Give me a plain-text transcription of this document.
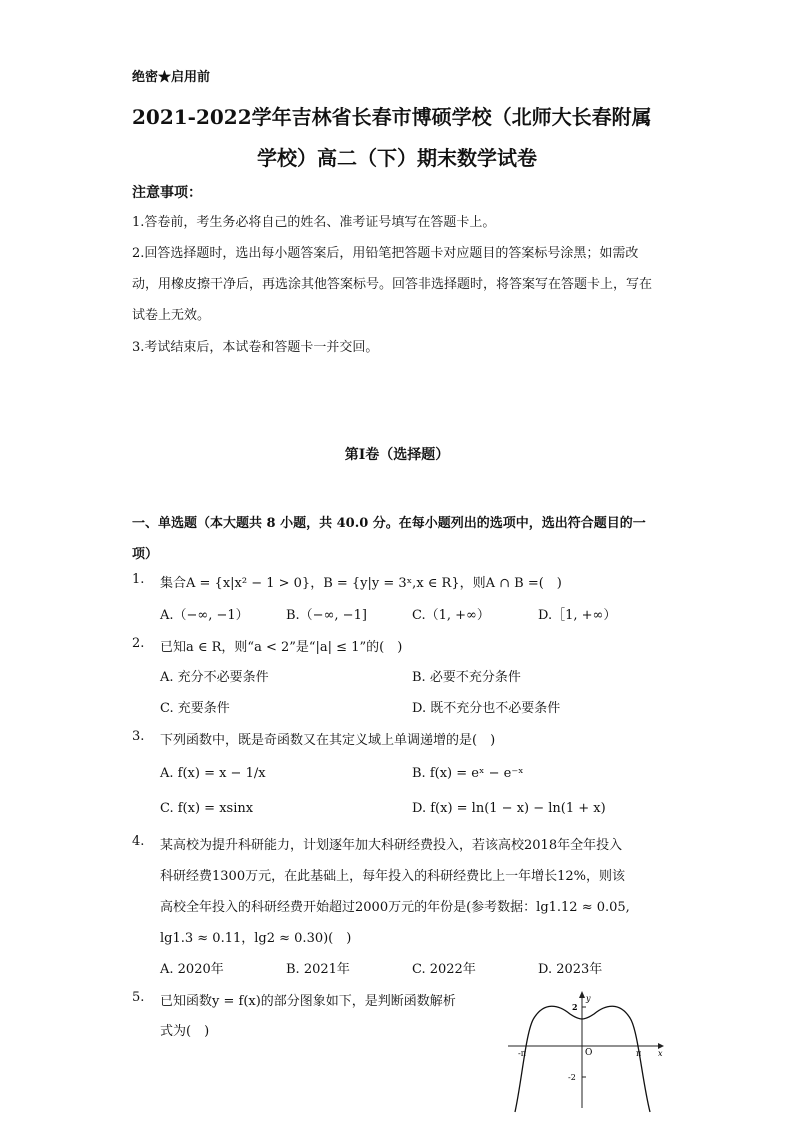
绝密★启用前
2021-2022学年吉林省长春市博硕学校（北师大长春附属
学校）高二（下）期末数学试卷
注意事项：
1.答卷前，考生务必将自己的姓名、准考证号填写在答题卡上。
2.回答选择题时，选出每小题答案后，用铅笔把答题卡对应题目的答案标号涂黑；如需改动，用橡皮擦干净后，再选涂其他答案标号。回答非选择题时，将答案写在答题卡上，写在试卷上无效。
3.考试结束后，本试卷和答题卡一并交回。
第I卷（选择题）
一、单选题（本大题共 8 小题，共 40.0 分。在每小题列出的选项中，选出符合题目的一项）
1. 集合A = {x|x² − 1 > 0}，B = {y|y = 3ˣ,x ∈ R}，则A ∩ B =(　)
A.（−∞, −1）	B.（−∞, −1]	C.（1, +∞）	D.［1, +∞）
2. 已知a ∈ R，则“a < 2”是“|a| ≤ 1”的(　)
A. 充分不必要条件	B. 必要不充分条件
C. 充要条件	D. 既不充分也不必要条件
3. 下列函数中，既是奇函数又在其定义域上单调递增的是(　)
A. f(x) = x − 1/x	B. f(x) = eˣ − e⁻ˣ
C. f(x) = xsinx	D. f(x) = ln(1 − x) − ln(1 + x)
4. 某高校为提升科研能力，计划逐年加大科研经费投入，若该高校2018年全年投入
科研经费1300万元，在此基础上，每年投入的科研经费比上一年增长12%，则该
高校全年投入的科研经费开始超过2000万元的年份是(参考数据：lg1.12 ≈ 0.05,
lg1.3 ≈ 0.11，lg2 ≈ 0.30)(　)
A. 2020年	B. 2021年	C. 2022年	D. 2023年
5. 已知函数y = f(x)的部分图象如下，是判断函数解析
式为(　)
y
x
O
2
-2
-π	π
